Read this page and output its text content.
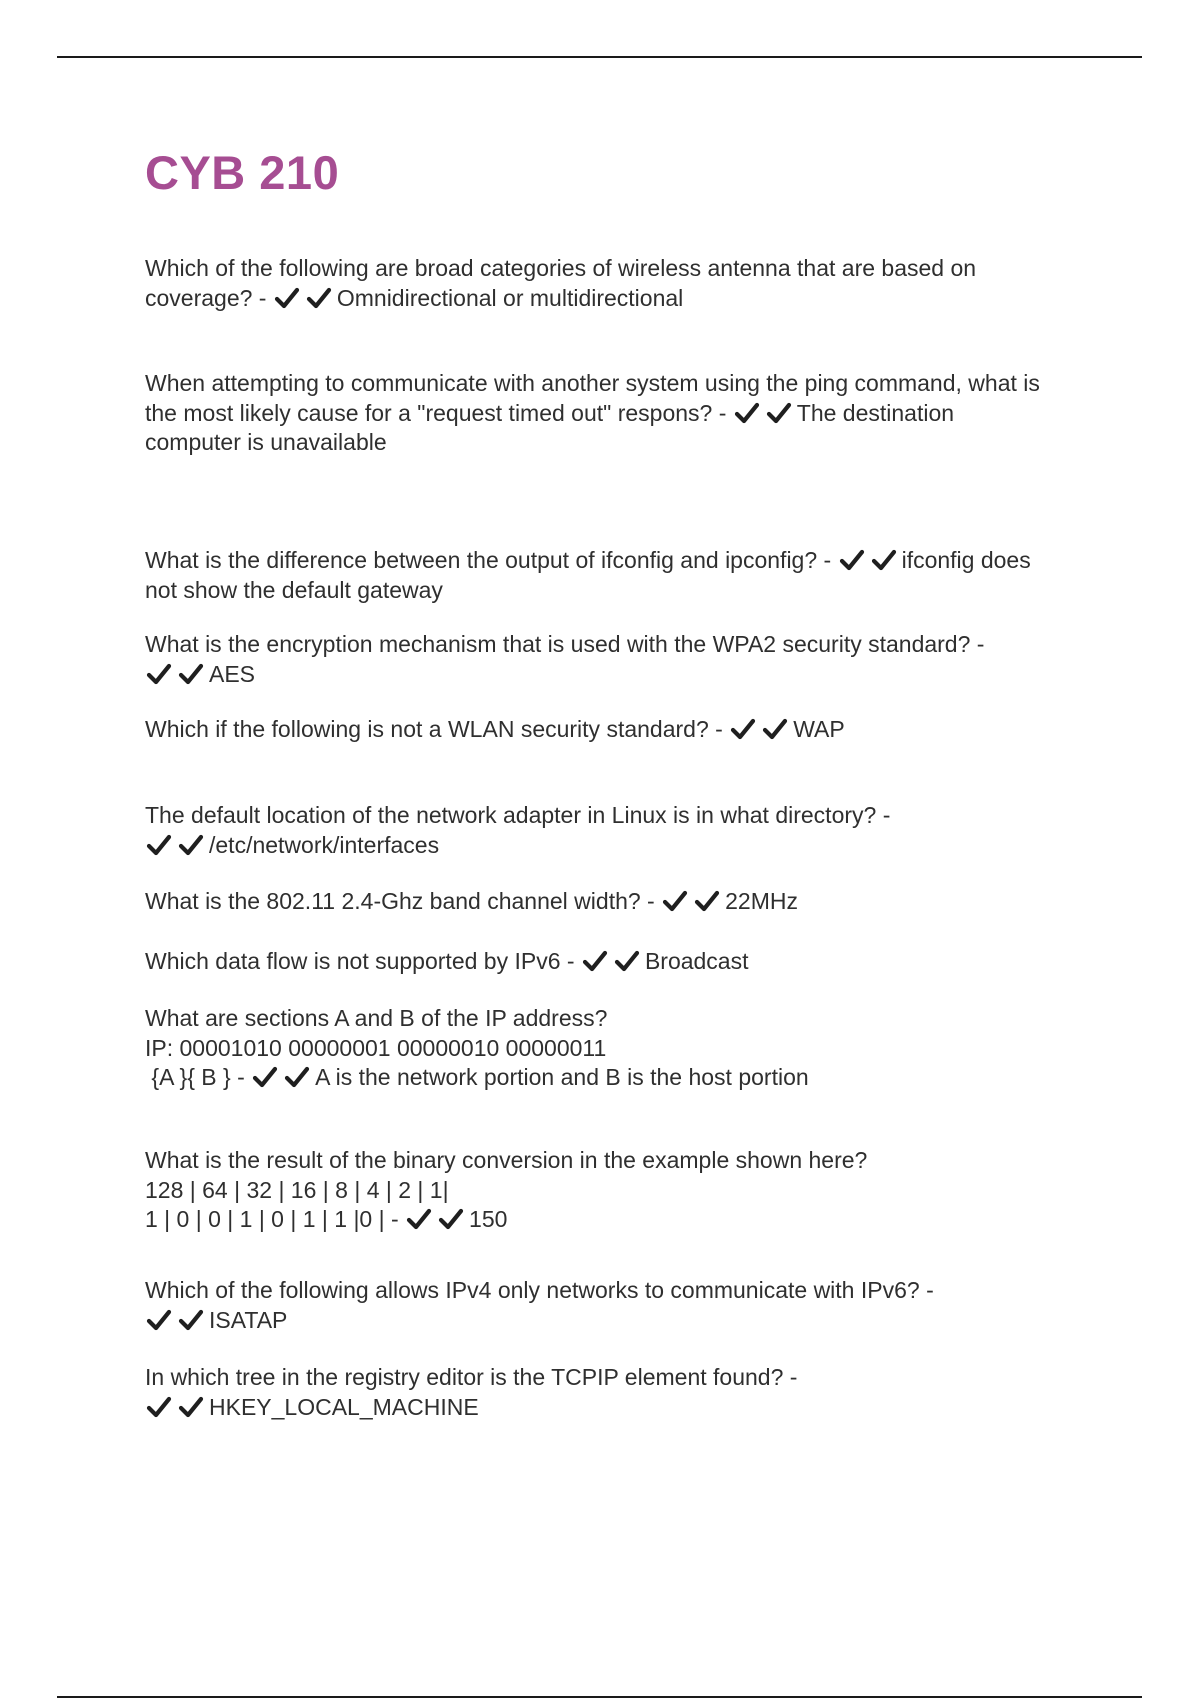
CYB 210

Which of the following are broad categories of wireless antenna that are based on
coverage? -	Omnidirectional or multidirectional

When attempting to communicate with another system using the ping command, what is
the most likely cause for a "request timed out" respons? -	The destination
computer is unavailable

What is the difference between the output of ifconfig and ipconfig? -	ifconfig does
not show the default gateway

What is the encryption mechanism that is used with the WPA2 security standard? -
AES

Which if the following is not a WLAN security standard? -	WAP

The default location of the network adapter in Linux is in what directory? -
/etc/network/interfaces

What is the 802.11 2.4-Ghz band channel width? -	22MHz

Which data flow is not supported by IPv6 -	Broadcast

What are sections A and B of the IP address?
IP: 00001010 00000001 00000010 00000011
{A }{ B } -	A is the network portion and B is the host portion

What is the result of the binary conversion in the example shown here?
128 | 64 | 32 | 16 | 8 | 4 | 2 | 1|
1 | 0 | 0 | 1 | 0 | 1 | 1 |0 | -	150

Which of the following allows IPv4 only networks to communicate with IPv6? -
ISATAP

In which tree in the registry editor is the TCPIP element found? -
HKEY_LOCAL_MACHINE
